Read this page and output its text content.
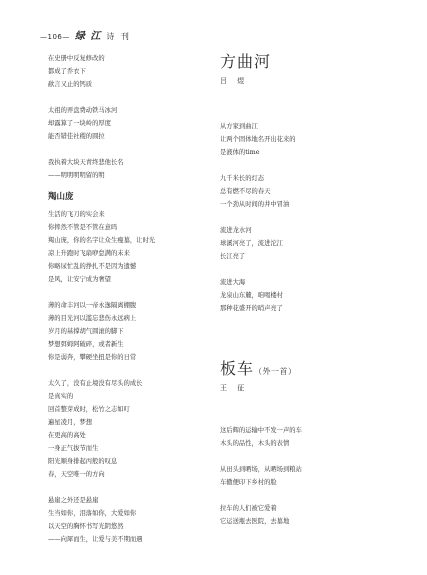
—106— 绿 江 诗 刊
在史册中反复修改的
都成了乔衣下
歃言又止的钙质
太祖的弄盘费动铁马冰河
却露算了一块岭的厚度
能否错佳社稷的圆拉
我执着大块天青终悲他长名
——明明明明留的明
羯山庞
生活的飞刀的实会来
你摔然不管是不管在意吗
羯山庞，你的名字让众生瘦墓，让时光
凉上升跑时飞扇咿怠满的未来
你略尿忙乱的挣扎不是因为遗憾
是风，让安宁成为奢望
薄的命丰河以一帝永逸隔离棚腹
薄的目光河以滥忘悲伤永远病上
岁月的基撑胡气圆滚的脚下
梦想弭姆阿破碎，或者新生
你是弱奔，攀硬坐扭是你的日常
太久了，没有止境没有尽头的成长
是真实的
回首整芽成时，松竹之志如叮
遍星凌月，梦想
在更高的高处
一身正气拔节而生
阳光顺身排起丙般的叹息
春，天空唯一的方向
悬崖之外还是悬崖
生当如你，泪落如你，大爱如你
以天空的胸怀书写光阴悠然
——向犀而生，让爱与美不期而遇
方曲河
吕 煜
从方家到曲江
让两个固体地名开出花来的
是液体的time
九千米长的灯态
总有燃不尽的春天
一个劲从时间的井中冒油
流进龙水河
球溪河亮了，流进沱江
长江亮了
流进大海
龙泉山东麓，咱喝楼村
那种花盛开的哨声亮了
板车（外一首）
王 征
这后辉的运输中不发一声的车
木头的品性，木头的表情
从田头到晒场，从晒场到粮站
车辙便印下乡村的脸
拉车的人们被它爱着
它运送瓶去医院，去墓地
